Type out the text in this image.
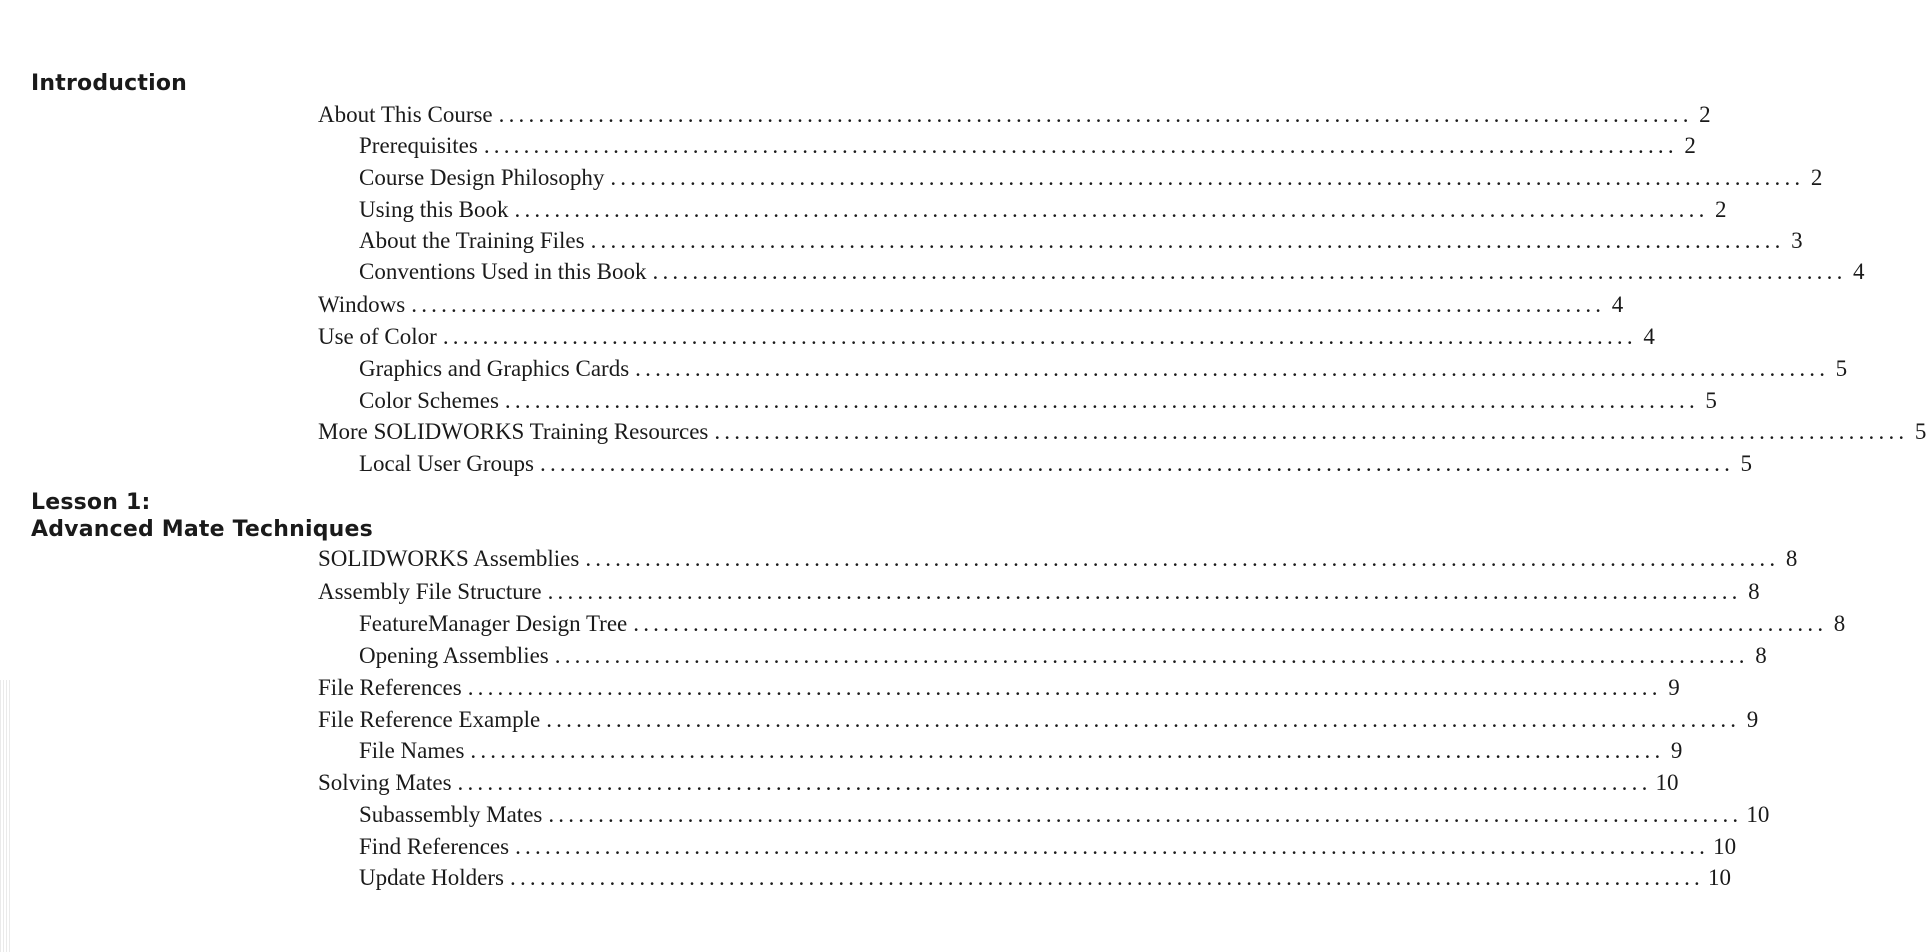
Introduction
About This Course ........................................................................................................................ 2
Prerequisites ........................................................................................................................ 2
Course Design Philosophy ........................................................................................................................ 2
Using this Book ........................................................................................................................ 2
About the Training Files ........................................................................................................................ 3
Conventions Used in this Book ........................................................................................................................ 4
Windows ........................................................................................................................ 4
Use of Color ........................................................................................................................ 4
Graphics and Graphics Cards ........................................................................................................................ 5
Color Schemes ........................................................................................................................ 5
More SOLIDWORKS Training Resources ........................................................................................................................ 5
Local User Groups ........................................................................................................................ 5
Lesson 1:
Advanced Mate Techniques
SOLIDWORKS Assemblies ........................................................................................................................ 8
Assembly File Structure ........................................................................................................................ 8
FeatureManager Design Tree ........................................................................................................................ 8
Opening Assemblies ........................................................................................................................ 8
File References ........................................................................................................................ 9
File Reference Example ........................................................................................................................ 9
File Names ........................................................................................................................ 9
Solving Mates ........................................................................................................................ 10
Subassembly Mates ........................................................................................................................ 10
Find References ........................................................................................................................ 10
Update Holders ........................................................................................................................ 10
